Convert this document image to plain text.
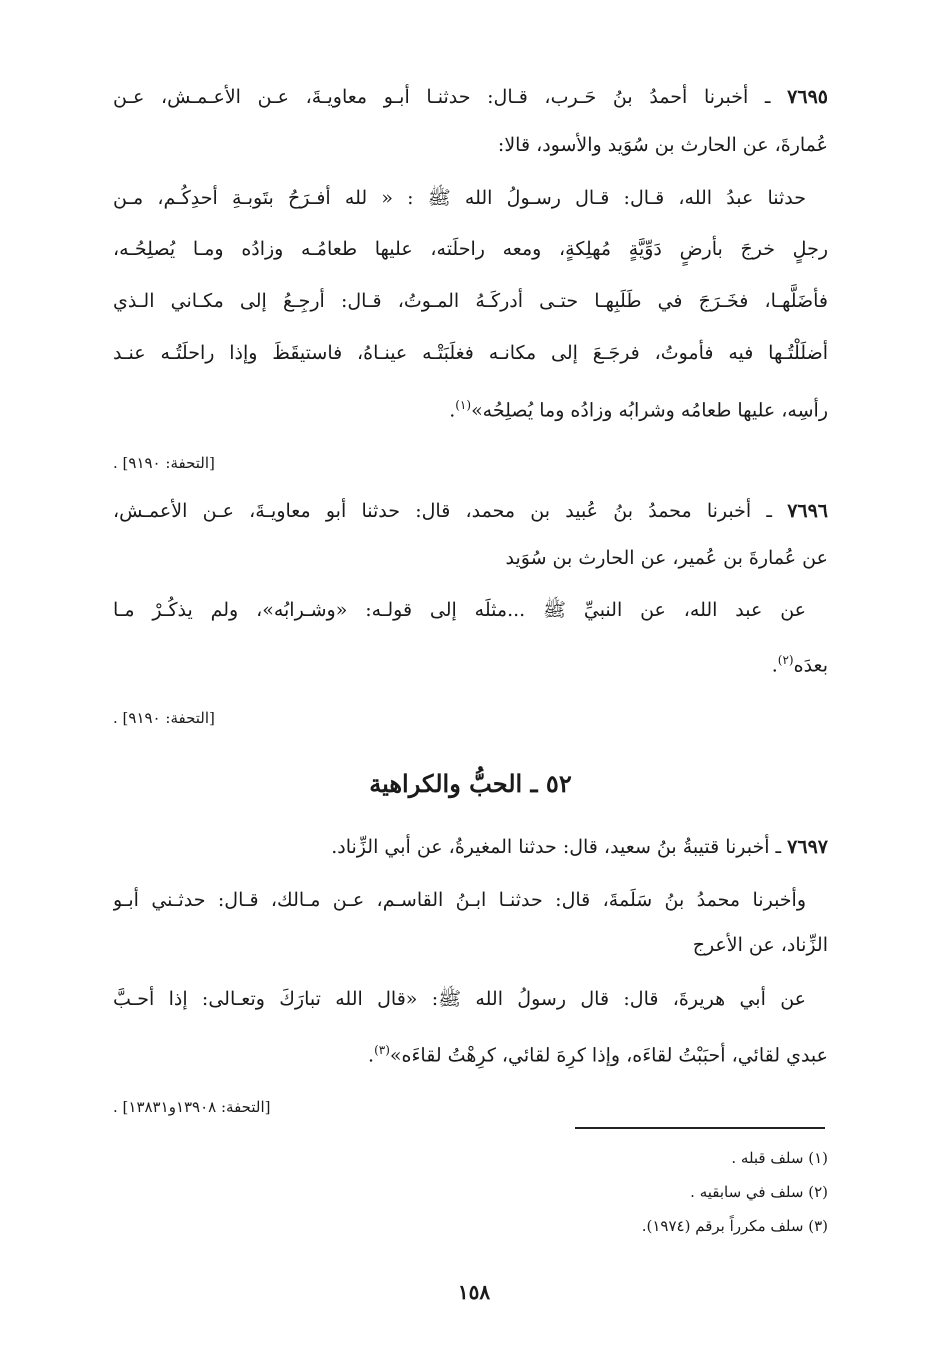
٧٦٩٥ ـ أخبرنا أحمدُ بنُ حَـرب، قـال: حدثنـا أبـو معاويـةَ، عـن الأعـمـش، عـن
عُمارةَ، عن الحارث بن سُوَيد والأسود، قالا:
حدثنا عبدُ الله، قـال: قـال رسـولُ الله ﷺ : « لله أفـرَحُ بتَوبـةِ أحدِكُـم، مـن
رجلٍ خرجَ بأرضٍ دَوِّيَّةٍ مُهلِكةٍ، ومعه راحلَته، عليها طعامُـه وزادُه ومـا يُصلِحُـه،
فأضَلَّهـا، فخَـرَجَ في طَلَبِهـا حتـى أدركَـهُ المـوتُ، قـال: أرجِـعُ إلى مكـاني الـذي
أضلَلْتُـها فيه فأموتُ، فرجَـعَ إلى مكانـه فغلَبَتْـه عينـاهُ، فاستيقَظَ وإذا راحلَتُـه عنـد
رأسِه، عليها طعامُه وشرابُه وزادُه وما يُصلِحُه»$^{(١)}$.
[التحفة: ٩١٩٠] .
٧٦٩٦ ـ أخبرنا محمدُ بنُ عُبيد بن محمد، قال: حدثنا أبو معاويـةَ، عـن الأعمـش،
عن عُمارةَ بن عُمير، عن الحارث بن سُوَيد
عن عبد الله، عن النبيِّ ﷺ ...مثلَه إلى قولـه: «وشـرابُه»، ولم يذكُـرْ مـا
بعدَه$^{(٢)}$.
[التحفة: ٩١٩٠] .
٥٢ ـ الحبُّ والكراهية
٧٦٩٧ ـ أخبرنا قتيبةُ بنُ سعيد، قال: حدثنا المغيرةُ، عن أبي الزِّناد.
وأخبرنا محمدُ بنُ سَلَمةَ، قال: حدثنـا ابـنُ القاسـم، عـن مـالك، قـال: حدثـني أبـو
الزِّناد، عن الأعرج
عن أبي هريرةَ، قال: قال رسولُ الله ﷺ: «قال الله تبارَكَ وتعـالى: إذا أحـبَّ
عبدي لقائي، أحبَبْتُ لقاءَه، وإذا كرِهَ لقائي، كرِهْتُ لقاءَه»$^{(٣)}$.
[التحفة: ١٣٩٠٨و١٣٨٣١] .
(١) سلف قبله .
(٢) سلف في سابقيه .
(٣) سلف مكرراً برقم (١٩٧٤).
١٥٨
